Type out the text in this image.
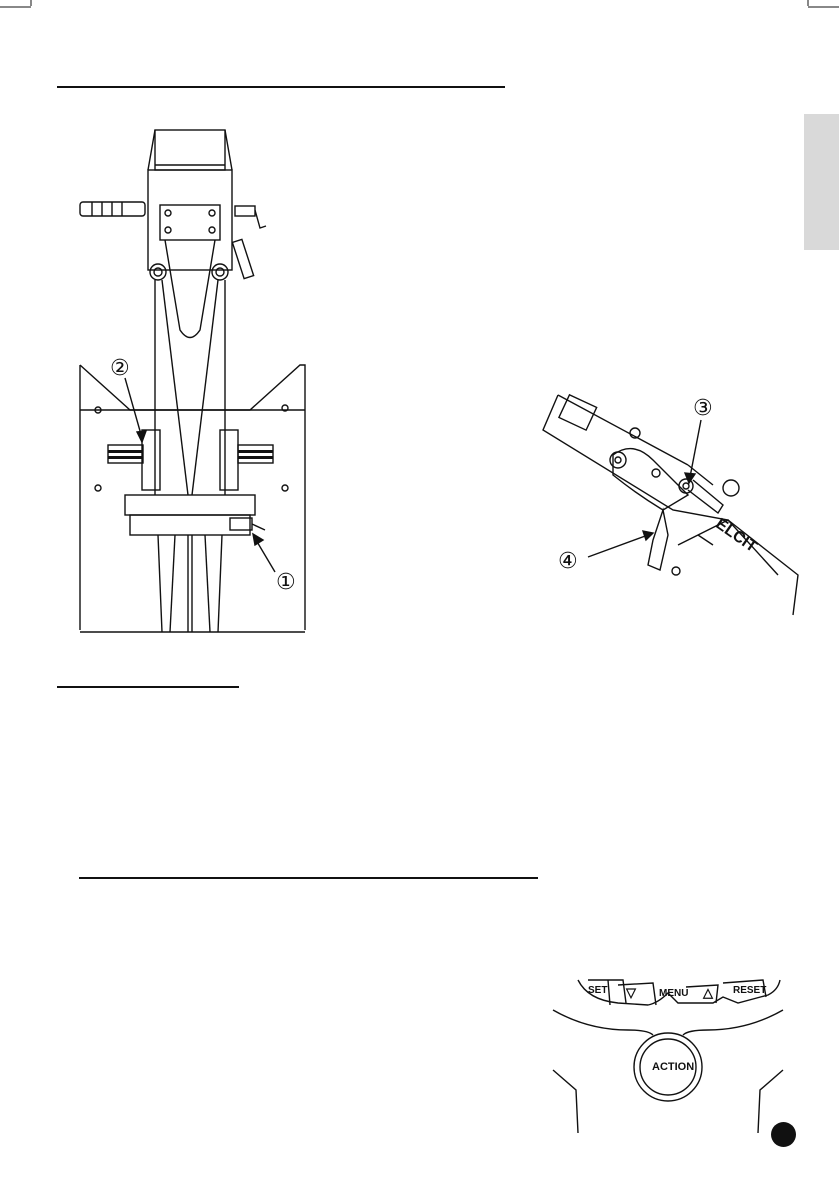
②
①
ELCIT
③
④
SET ▽ MENU △ RESET
ACTION
